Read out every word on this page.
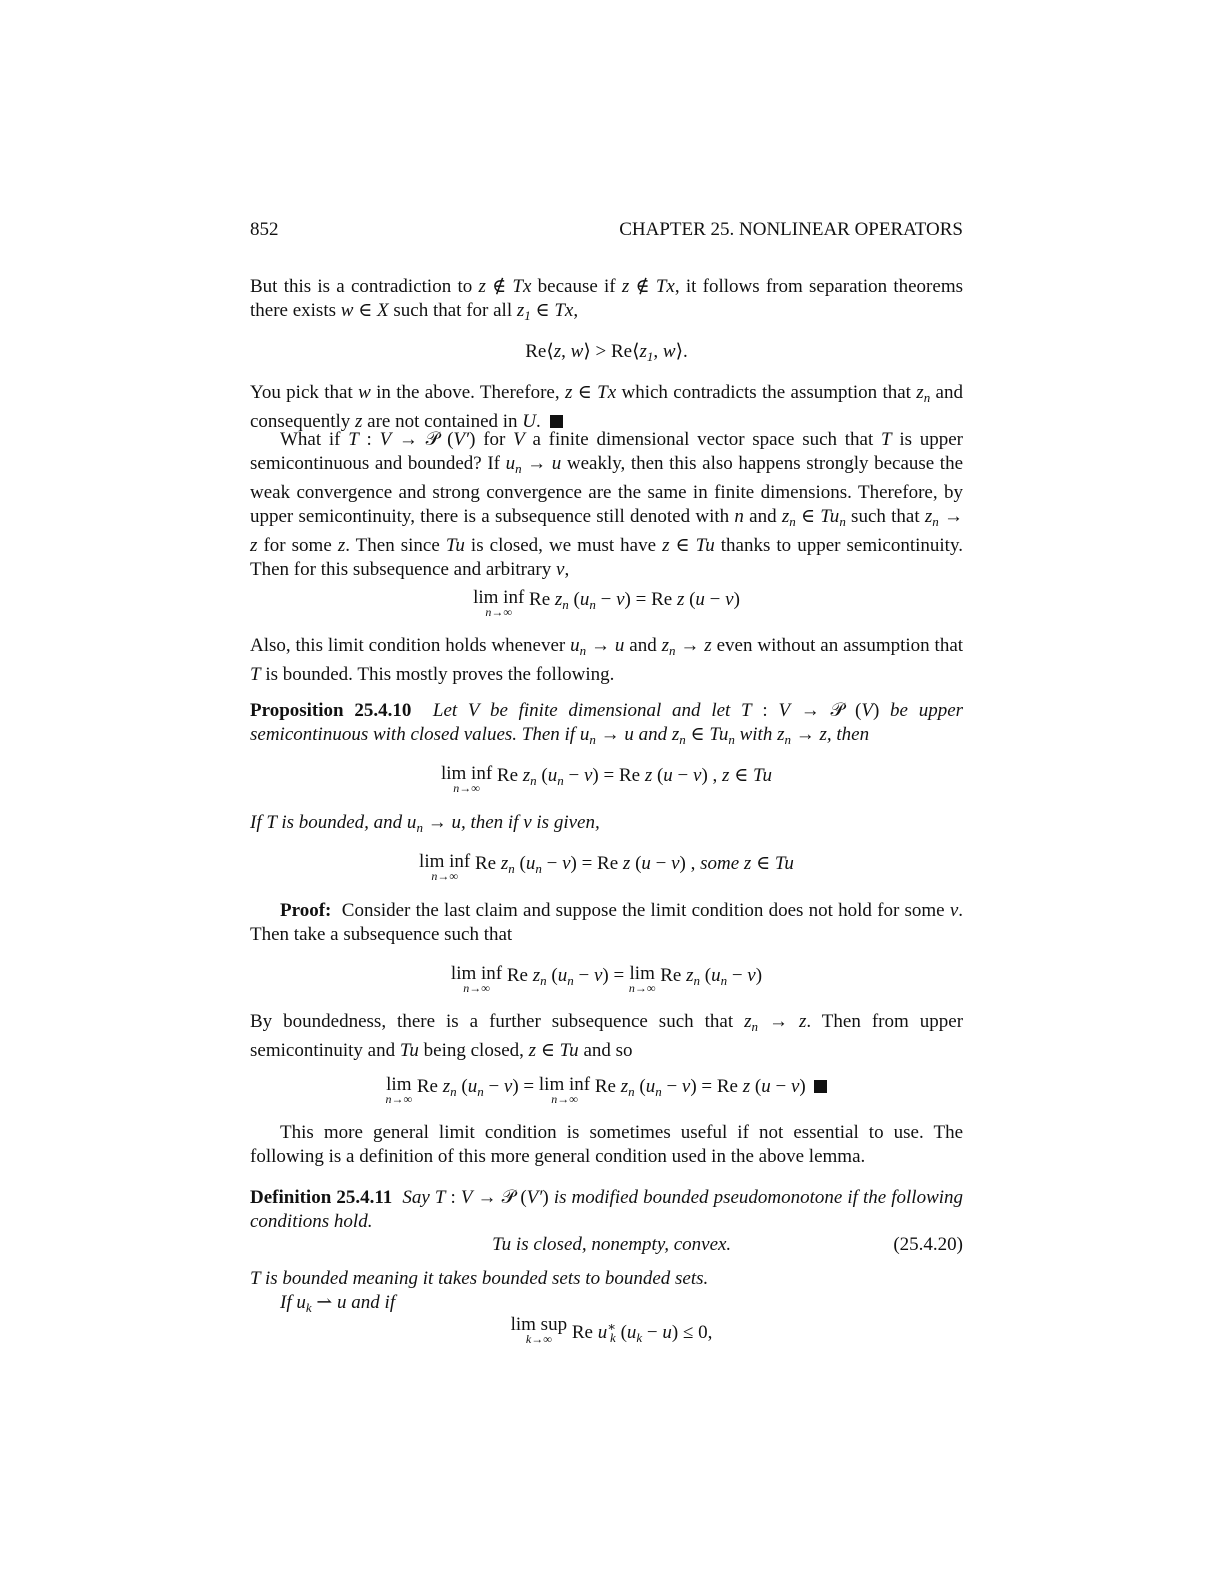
852	CHAPTER 25. NONLINEAR OPERATORS

But this is a contradiction to z ∉ Tx because if z ∉ Tx, it follows from separation theorems there exists w ∈ X such that for all $z_1$ ∈ Tx,

Re⟨z, w⟩ > $Re⟨z_1$, w⟩.

You pick that w in the above. Therefore, z ∈ Tx which contradicts the assumption that $z_n$ and consequently z are not contained in U.

What if T : V → 𝒫 (V′) for V a finite dimensional vector space such that T is upper semicontinuous and bounded? If $u_n \to u$ weakly, then this also happens strongly because the weak convergence and strong convergence are the same in finite dimensions. Therefore, by upper semicontinuity, there is a subsequence still denoted with n and $z_n$ ∈ $Tu_n$ such that $z_n \to z$ for some z. Then since Tu is closed, we must have z ∈ Tu thanks to upper semicontinuity. Then for this subsequence and arbitrary v,

lim inf
n→∞
Re $z_n$ $(u_n - v) = Re$ z (u − v)

Also, this limit condition holds whenever $u_n \to u$ and $z_n \to z$ even without an assumption that T is bounded. This mostly proves the following.

Proposition 25.4.10 Let V be finite dimensional and let T : V → 𝒫 (V) be upper semicontinuous with closed values. Then if $u_n \to u$ and $z_n$ ∈ $Tu_n$ with $z_n \to z$, then

lim inf
n→∞
Re $z_n$ $(u_n - v) = Re$ z (u − v) , z ∈ Tu

If T is bounded, and $u_n \to u$, then if v is given,

lim inf
n→∞
Re $z_n$ $(u_n - v) = Re$ z (u − v) , some z ∈ Tu

Proof:  Consider the last claim and suppose the limit condition does not hold for some v. Then take a subsequence such that

lim inf
n→∞
Re $z_n$ $(u_n - v) = \lim$
n→∞
Re $z_n$ $(u_n - v)$

By boundedness, there is a further subsequence such that $z_n \to z$. Then from upper semicontinuity and Tu being closed, z ∈ Tu and so

lim
n→∞
Re $z_n$ $(u_n - v) = \lim$ inf
n→∞
Re $z_n$ $(u_n - v) = Re$ z (u − v)

This more general limit condition is sometimes useful if not essential to use. The following is a definition of this more general condition used in the above lemma.

Definition 25.4.11 Say T : V → 𝒫 (V′) is modified bounded pseudomonotone if the following conditions hold.

Tu is closed, nonempty, convex.	(25.4.20)

T is bounded meaning it takes bounded sets to bounded sets.

If $u_k$ ⇀ u and if

lim sup
k→∞ Re $u^∗_k$ $(u_k - u) \le 0$,
